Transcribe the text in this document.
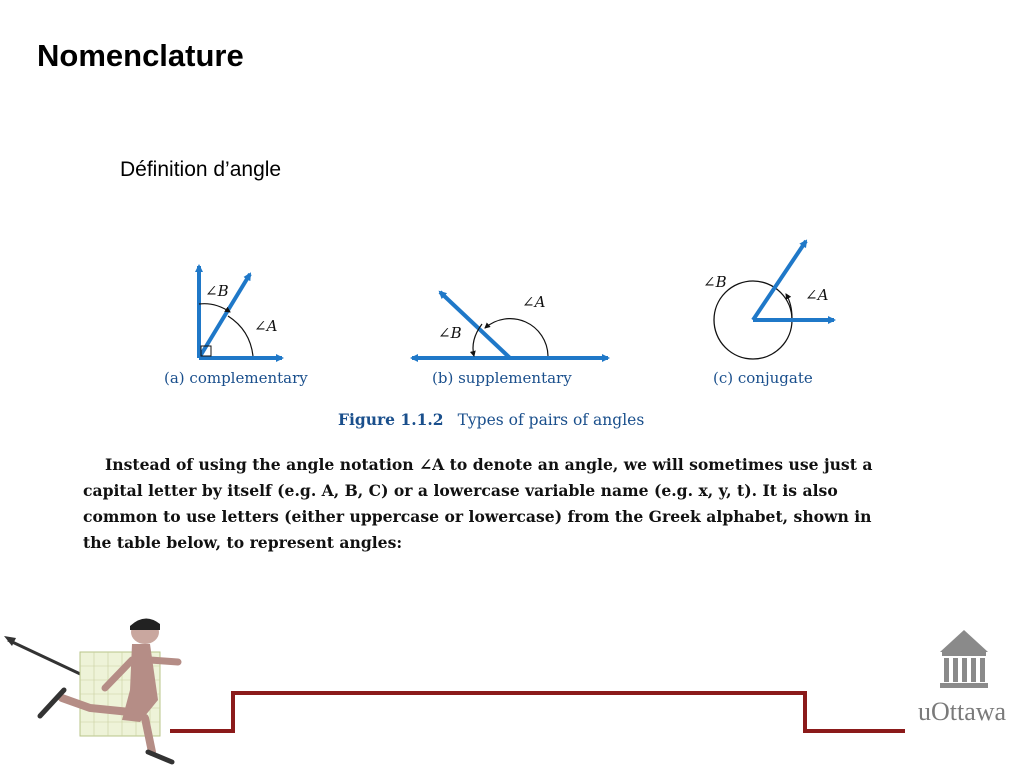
Nomenclature
Définition d’angle
∠B
∠A
∠A
∠B
∠B
∠A
(a) complementary	(b) supplementary	(c) conjugate
Figure 1.1.2 Types of pairs of angles
Instead of using the angle notation ∠A to denote an angle, we will sometimes use just a
capital letter by itself (e.g. A, B, C) or a lowercase variable name (e.g. x, y, t). It is also
common to use letters (either uppercase or lowercase) from the Greek alphabet, shown in
the table below, to represent angles:
uOttawa
